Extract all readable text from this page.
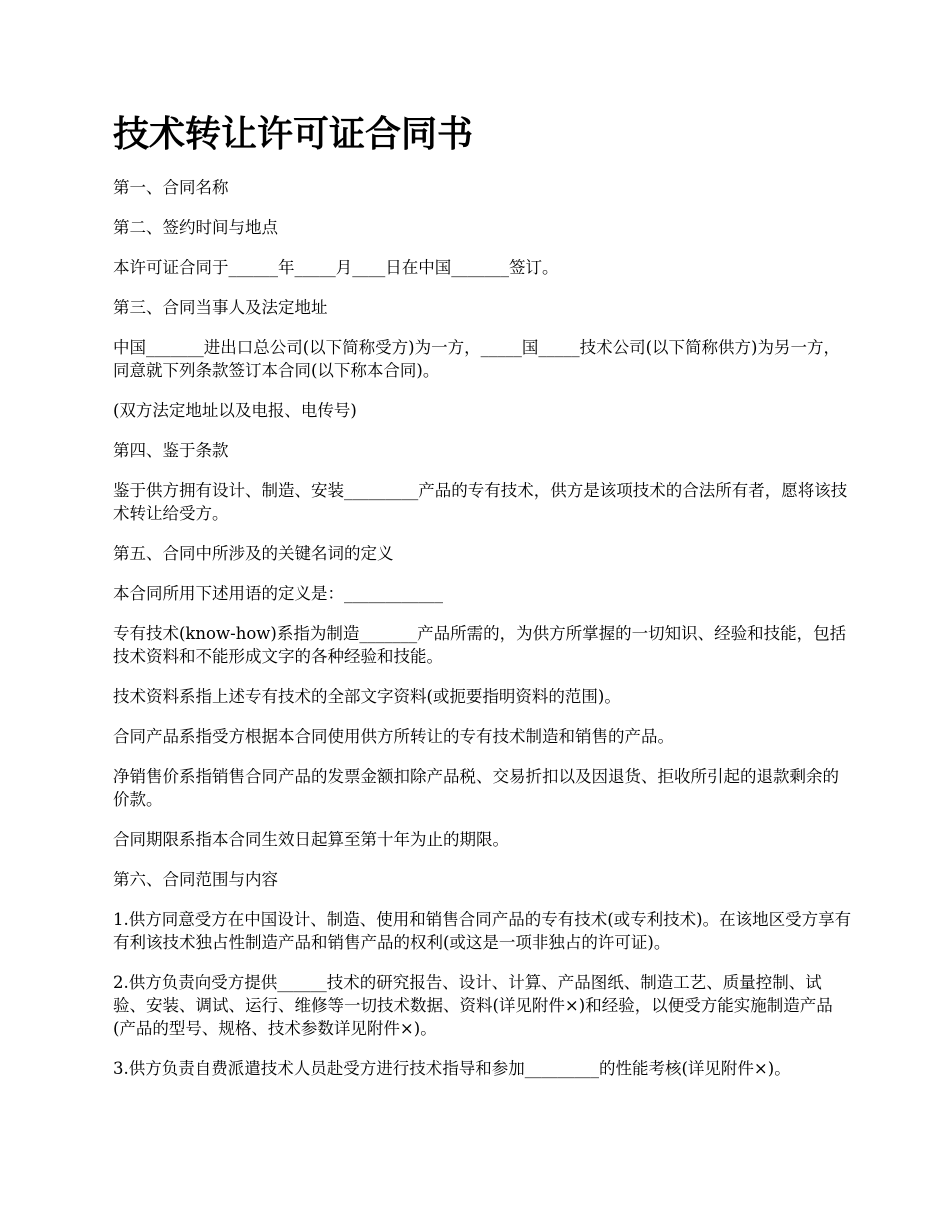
技术转让许可证合同书

第一、合同名称

第二、签约时间与地点

本许可证合同于______年_____月____日在中国_______签订。

第三、合同当事人及法定地址

中国_______进出口总公司(以下简称受方)为一方，_____国_____技术公司(以下简称供方)为另一方，同意就下列条款签订本合同(以下称本合同)。

(双方法定地址以及电报、电传号)

第四、鉴于条款

鉴于供方拥有设计、制造、安装_________产品的专有技术，供方是该项技术的合法所有者，愿将该技术转让给受方。

第五、合同中所涉及的关键名词的定义

本合同所用下述用语的定义是：____________

专有技术(know-how)系指为制造_______产品所需的，为供方所掌握的一切知识、经验和技能，包括技术资料和不能形成文字的各种经验和技能。

技术资料系指上述专有技术的全部文字资料(或扼要指明资料的范围)。

合同产品系指受方根据本合同使用供方所转让的专有技术制造和销售的产品。

净销售价系指销售合同产品的发票金额扣除产品税、交易折扣以及因退货、拒收所引起的退款剩余的价款。

合同期限系指本合同生效日起算至第十年为止的期限。

第六、合同范围与内容

1.供方同意受方在中国设计、制造、使用和销售合同产品的专有技术(或专利技术)。在该地区受方享有有利该技术独占性制造产品和销售产品的权利(或这是一项非独占的许可证)。

2.供方负责向受方提供______技术的研究报告、设计、计算、产品图纸、制造工艺、质量控制、试验、安装、调试、运行、维修等一切技术数据、资料(详见附件×)和经验，以便受方能实施制造产品(产品的型号、规格、技术参数详见附件×)。

3.供方负责自费派遣技术人员赴受方进行技术指导和参加_________的性能考核(详见附件×)。
